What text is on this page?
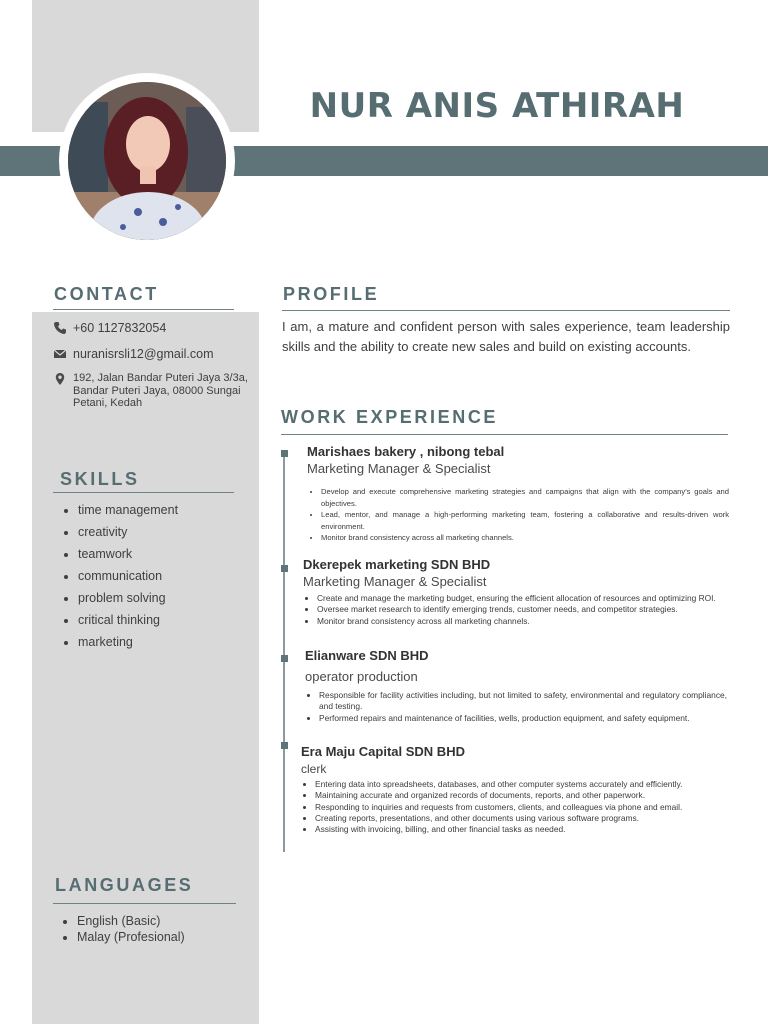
NUR ANIS ATHIRAH
CONTACT
+60 1127832054
nuranisrsli12@gmail.com
192, Jalan Bandar Puteri Jaya 3/3a, Bandar Puteri Jaya, 08000 Sungai Petani, Kedah
SKILLS
• time management
• creativity
• teamwork
• communication
• problem solving
• critical thinking
• marketing
LANGUAGES
• English (Basic)
• Malay (Profesional)
PROFILE
I am, a mature and confident person with sales experience, team leadership skills and the ability to create new sales and build on existing accounts.
WORK EXPERIENCE
Marishaes bakery , nibong tebal
Marketing Manager & Specialist
• Develop and execute comprehensive marketing strategies and campaigns that align with the company's goals and objectives.
• Lead, mentor, and manage a high-performing marketing team, fostering a collaborative and results-driven work environment.
• Monitor brand consistency across all marketing channels.
Dkerepek marketing SDN BHD
Marketing Manager & Specialist
• Create and manage the marketing budget, ensuring the efficient allocation of resources and optimizing ROI.
• Oversee market research to identify emerging trends, customer needs, and competitor strategies.
• Monitor brand consistency across all marketing channels.
Elianware SDN BHD
operator production
• Responsible for facility activities including, but not limited to safety, environmental and regulatory compliance, and testing.
• Performed repairs and maintenance of facilities, wells, production equipment, and safety equipment.
Era Maju Capital SDN BHD
clerk
• Entering data into spreadsheets, databases, and other computer systems accurately and efficiently.
• Maintaining accurate and organized records of documents, reports, and other paperwork.
• Responding to inquiries and requests from customers, clients, and colleagues via phone and email.
• Creating reports, presentations, and other documents using various software programs.
• Assisting with invoicing, billing, and other financial tasks as needed.
